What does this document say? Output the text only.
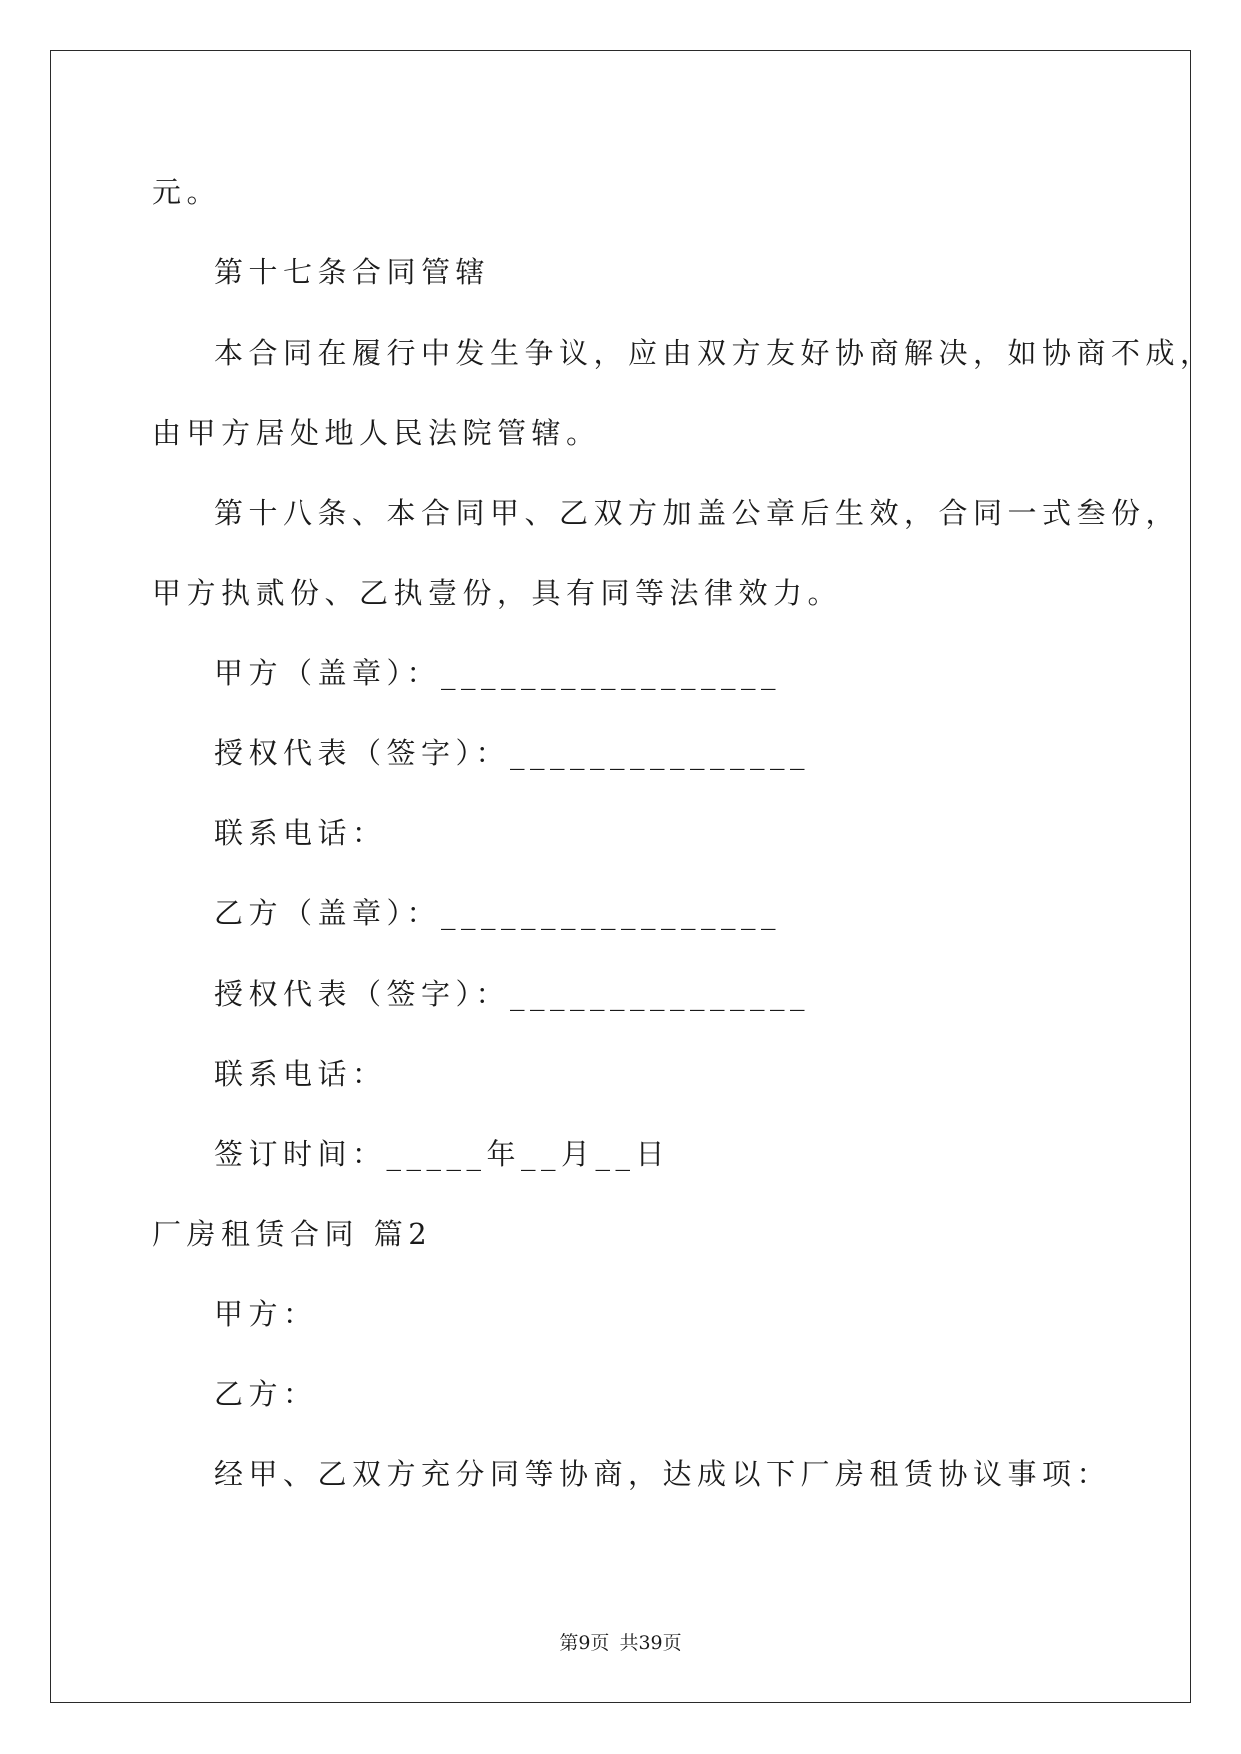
元。
第十七条合同管辖
本合同在履行中发生争议，应由双方友好协商解决，如协商不成，
由甲方居处地人民法院管辖。
第十八条、本合同甲、乙双方加盖公章后生效，合同一式叁份，
甲方执贰份、乙执壹份，具有同等法律效力。
甲方（盖章）：_________________
授权代表（签字）：_______________
联系电话：
乙方（盖章）：_________________
授权代表（签字）：_______________
联系电话：
签订时间：_____年__月__日
厂房租赁合同 篇2
甲方：
乙方：
经甲、乙双方充分同等协商，达成以下厂房租赁协议事项：
第9页 共39页
